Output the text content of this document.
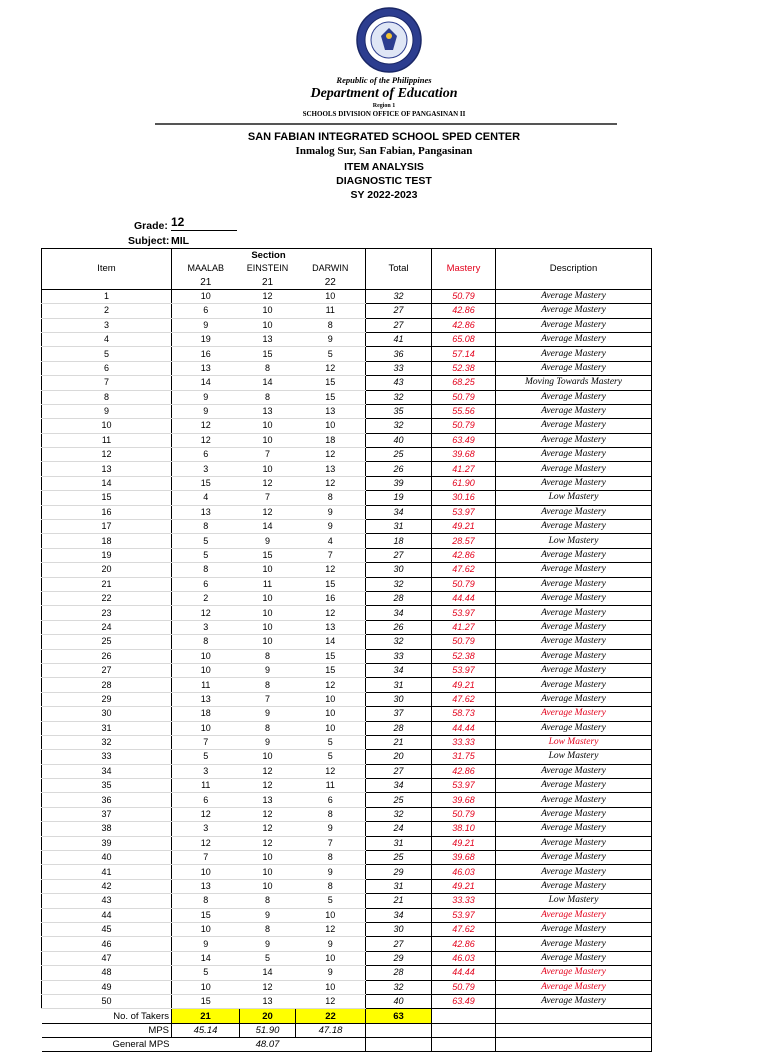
Republic of the Philippines
Department of Education
Region 1
SCHOOLS DIVISION OFFICE OF PANGASINAN II
SAN FABIAN INTEGRATED SCHOOL SPED CENTER
Inmalog Sur, San Fabian, Pangasinan
ITEM ANALYSIS
DIAGNOSTIC TEST
SY 2022-2023
Grade: 12
Subject: MIL
Item	Section			Total	Mastery	Description
	MAALAB	EINSTEIN	DARWIN			
	21	21	22			
1	10	12	10	32	50.79	Average Mastery
2	6	10	11	27	42.86	Average Mastery
3	9	10	8	27	42.86	Average Mastery
4	19	13	9	41	65.08	Average Mastery
5	16	15	5	36	57.14	Average Mastery
6	13	8	12	33	52.38	Average Mastery
7	14	14	15	43	68.25	Moving Towards Mastery
8	9	8	15	32	50.79	Average Mastery
9	9	13	13	35	55.56	Average Mastery
10	12	10	10	32	50.79	Average Mastery
11	12	10	18	40	63.49	Average Mastery
12	6	7	12	25	39.68	Average Mastery
13	3	10	13	26	41.27	Average Mastery
14	15	12	12	39	61.90	Average Mastery
15	4	7	8	19	30.16	Low Mastery
16	13	12	9	34	53.97	Average Mastery
17	8	14	9	31	49.21	Average Mastery
18	5	9	4	18	28.57	Low Mastery
19	5	15	7	27	42.86	Average Mastery
20	8	10	12	30	47.62	Average Mastery
21	6	11	15	32	50.79	Average Mastery
22	2	10	16	28	44.44	Average Mastery
23	12	10	12	34	53.97	Average Mastery
24	3	10	13	26	41.27	Average Mastery
25	8	10	14	32	50.79	Average Mastery
26	10	8	15	33	52.38	Average Mastery
27	10	9	15	34	53.97	Average Mastery
28	11	8	12	31	49.21	Average Mastery
29	13	7	10	30	47.62	Average Mastery
30	18	9	10	37	58.73	Average Mastery
31	10	8	10	28	44.44	Average Mastery
32	7	9	5	21	33.33	Low Mastery
33	5	10	5	20	31.75	Low Mastery
34	3	12	12	27	42.86	Average Mastery
35	11	12	11	34	53.97	Average Mastery
36	6	13	6	25	39.68	Average Mastery
37	12	12	8	32	50.79	Average Mastery
38	3	12	9	24	38.10	Average Mastery
39	12	12	7	31	49.21	Average Mastery
40	7	10	8	25	39.68	Average Mastery
41	10	10	9	29	46.03	Average Mastery
42	13	10	8	31	49.21	Average Mastery
43	8	8	5	21	33.33	Low Mastery
44	15	9	10	34	53.97	Average Mastery
45	10	8	12	30	47.62	Average Mastery
46	9	9	9	27	42.86	Average Mastery
47	14	5	10	29	46.03	Average Mastery
48	5	14	9	28	44.44	Average Mastery
49	10	12	10	32	50.79	Average Mastery
50	15	13	12	40	63.49	Average Mastery
No. of Takers	21	20	22	63		
MPS	45.14	51.90	47.18			
General MPS		48.07				
